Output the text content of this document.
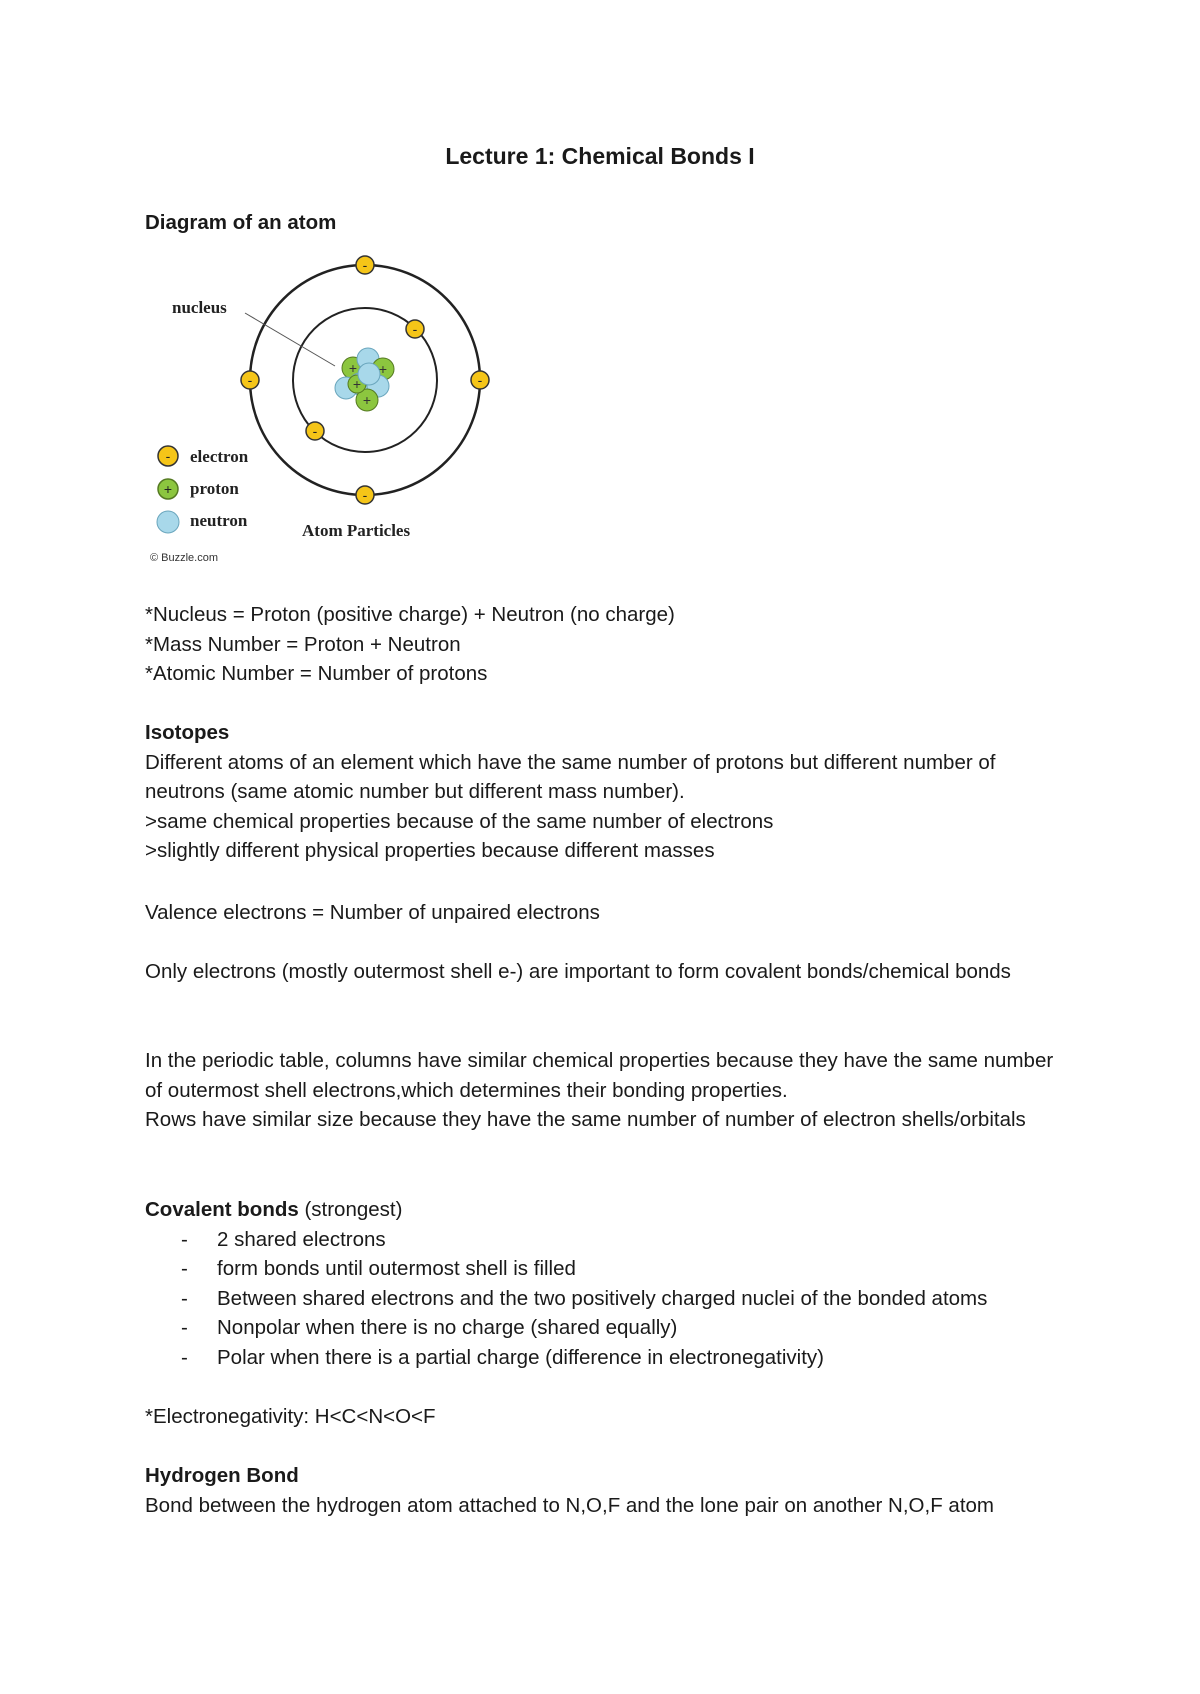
Lecture 1: Chemical Bonds I

Diagram of an atom

+ +
+
+
-
-	-
-
-
-
nucleus
- electron
+ proton
neutron
Atom Particles
© Buzzle.com

*Nucleus = Proton (positive charge) + Neutron (no charge)

*Mass Number = Proton + Neutron

*Atomic Number = Number of protons

Isotopes

Different atoms of an element which have the same number of protons but different number of neutrons (same atomic number but different mass number).

>same chemical properties because of the same number of electrons

>slightly different physical properties because different masses

Valence electrons = Number of unpaired electrons

Only electrons (mostly outermost shell e-) are important to form covalent bonds/chemical bonds

In the periodic table, columns have similar chemical properties because they have the same number of outermost shell electrons,which determines their bonding properties.

Rows have similar size because they have the same number of number of electron shells/orbitals

Covalent bonds (strongest)

- 2 shared electrons
- form bonds until outermost shell is filled
- Between shared electrons and the two positively charged nuclei of the bonded atoms
- Nonpolar when there is no charge (shared equally)
- Polar when there is a partial charge (difference in electronegativity)

*Electronegativity: H<C<N<O<F

Hydrogen Bond

Bond between the hydrogen atom attached to N,O,F and the lone pair on another N,O,F atom
